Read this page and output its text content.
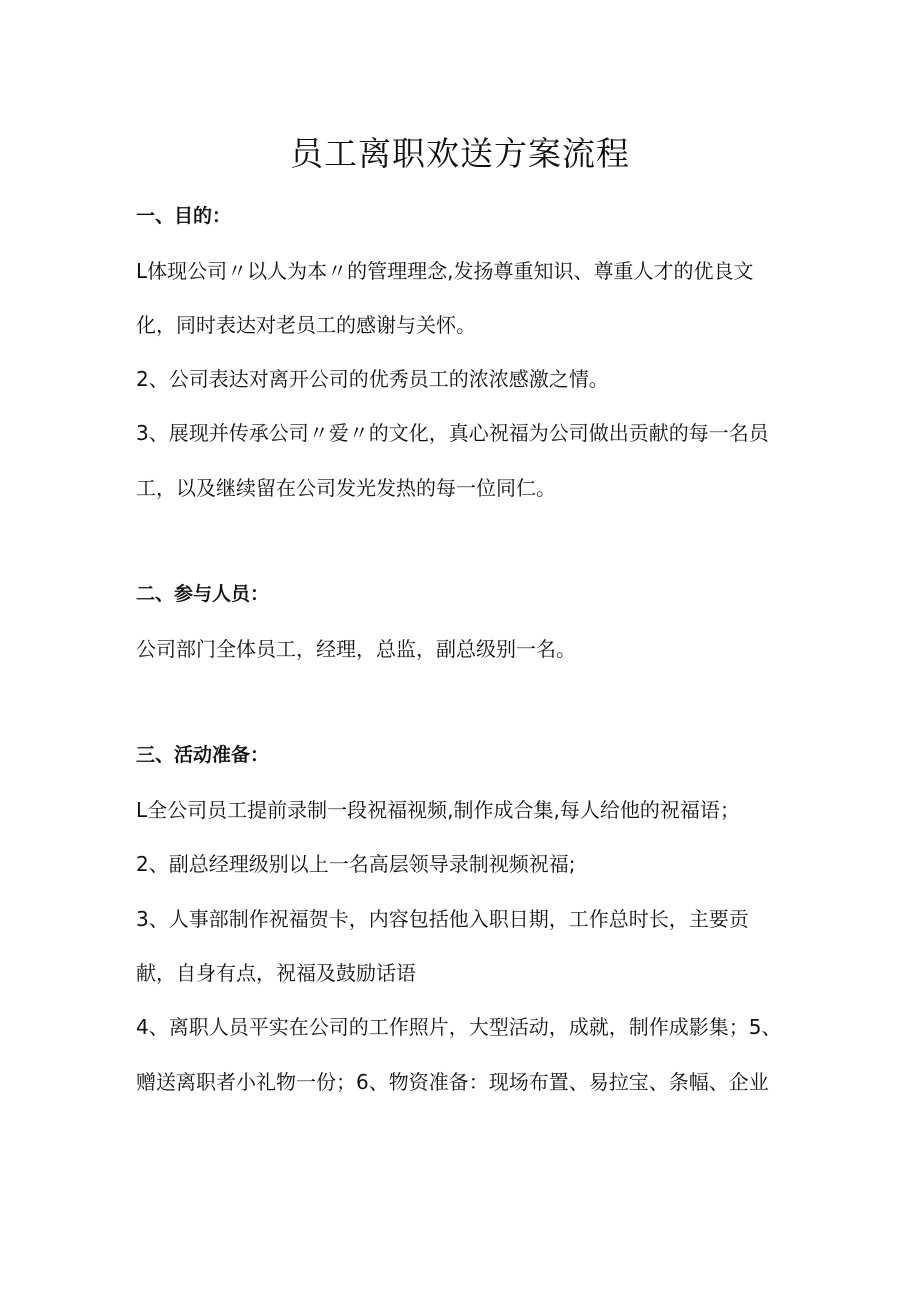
员工离职欢送方案流程
一、目的：

L体现公司〃以人为本〃的管理理念,发扬尊重知识、尊重人才的优良文

化，同时表达对老员工的感谢与关怀。

2、公司表达对离开公司的优秀员工的浓浓感激之情。

3、展现并传承公司〃爱〃的文化，真心祝福为公司做出贡献的每一名员

工，以及继续留在公司发光发热的每一位同仁。

二、参与人员：

公司部门全体员工，经理，总监，副总级别一名。

三、活动准备：

L全公司员工提前录制一段祝福视频,制作成合集,每人给他的祝福语；

2、副总经理级别以上一名高层领导录制视频祝福;

3、人事部制作祝福贺卡，内容包括他入职日期，工作总时长，主要贡

献，自身有点，祝福及鼓励话语

4、离职人员平实在公司的工作照片，大型活动，成就，制作成影集；5、

赠送离职者小礼物一份；6、物资准备：现场布置、易拉宝、条幅、企业
